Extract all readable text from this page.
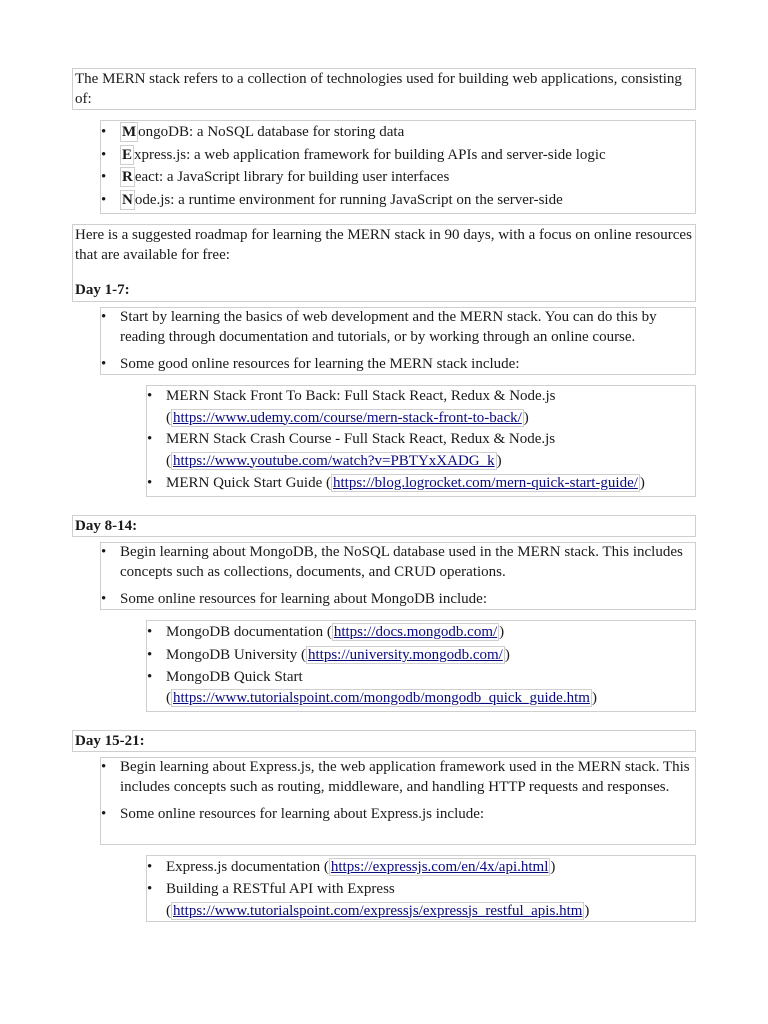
The MERN stack refers to a collection of technologies used for building web applications, consisting of:
• M ongoDB: a NoSQL database for storing data
• E xpress.js: a web application framework for building APIs and server-side logic
• R eact: a JavaScript library for building user interfaces
• N ode.js: a runtime environment for running JavaScript on the server-side
Here is a suggested roadmap for learning the MERN stack in 90 days, with a focus on online resources that are available for free:
Day 1-7:
• Start by learning the basics of web development and the MERN stack. You can do this by reading through documentation and tutorials, or by working through an online course.
• Some good online resources for learning the MERN stack include:
• MERN Stack Front To Back: Full Stack React, Redux & Node.js
( https://www.udemy.com/course/mern-stack-front-to-back/ )
• MERN Stack Crash Course - Full Stack React, Redux & Node.js
( https://www.youtube.com/watch?v=PBTYxXADG_k )
• MERN Quick Start Guide ( https://blog.logrocket.com/mern-quick-start-guide/ )
Day 8-14:
• Begin learning about MongoDB, the NoSQL database used in the MERN stack. This includes concepts such as collections, documents, and CRUD operations.
• Some online resources for learning about MongoDB include:
• MongoDB documentation ( https://docs.mongodb.com/ )
• MongoDB University ( https://university.mongodb.com/ )
• MongoDB Quick Start
( https://www.tutorialspoint.com/mongodb/mongodb_quick_guide.htm )
Day 15-21:
• Begin learning about Express.js, the web application framework used in the MERN stack. This includes concepts such as routing, middleware, and handling HTTP requests and responses.
• Some online resources for learning about Express.js include:
• Express.js documentation ( https://expressjs.com/en/4x/api.html )
• Building a RESTful API with Express
( https://www.tutorialspoint.com/expressjs/expressjs_restful_apis.htm )
